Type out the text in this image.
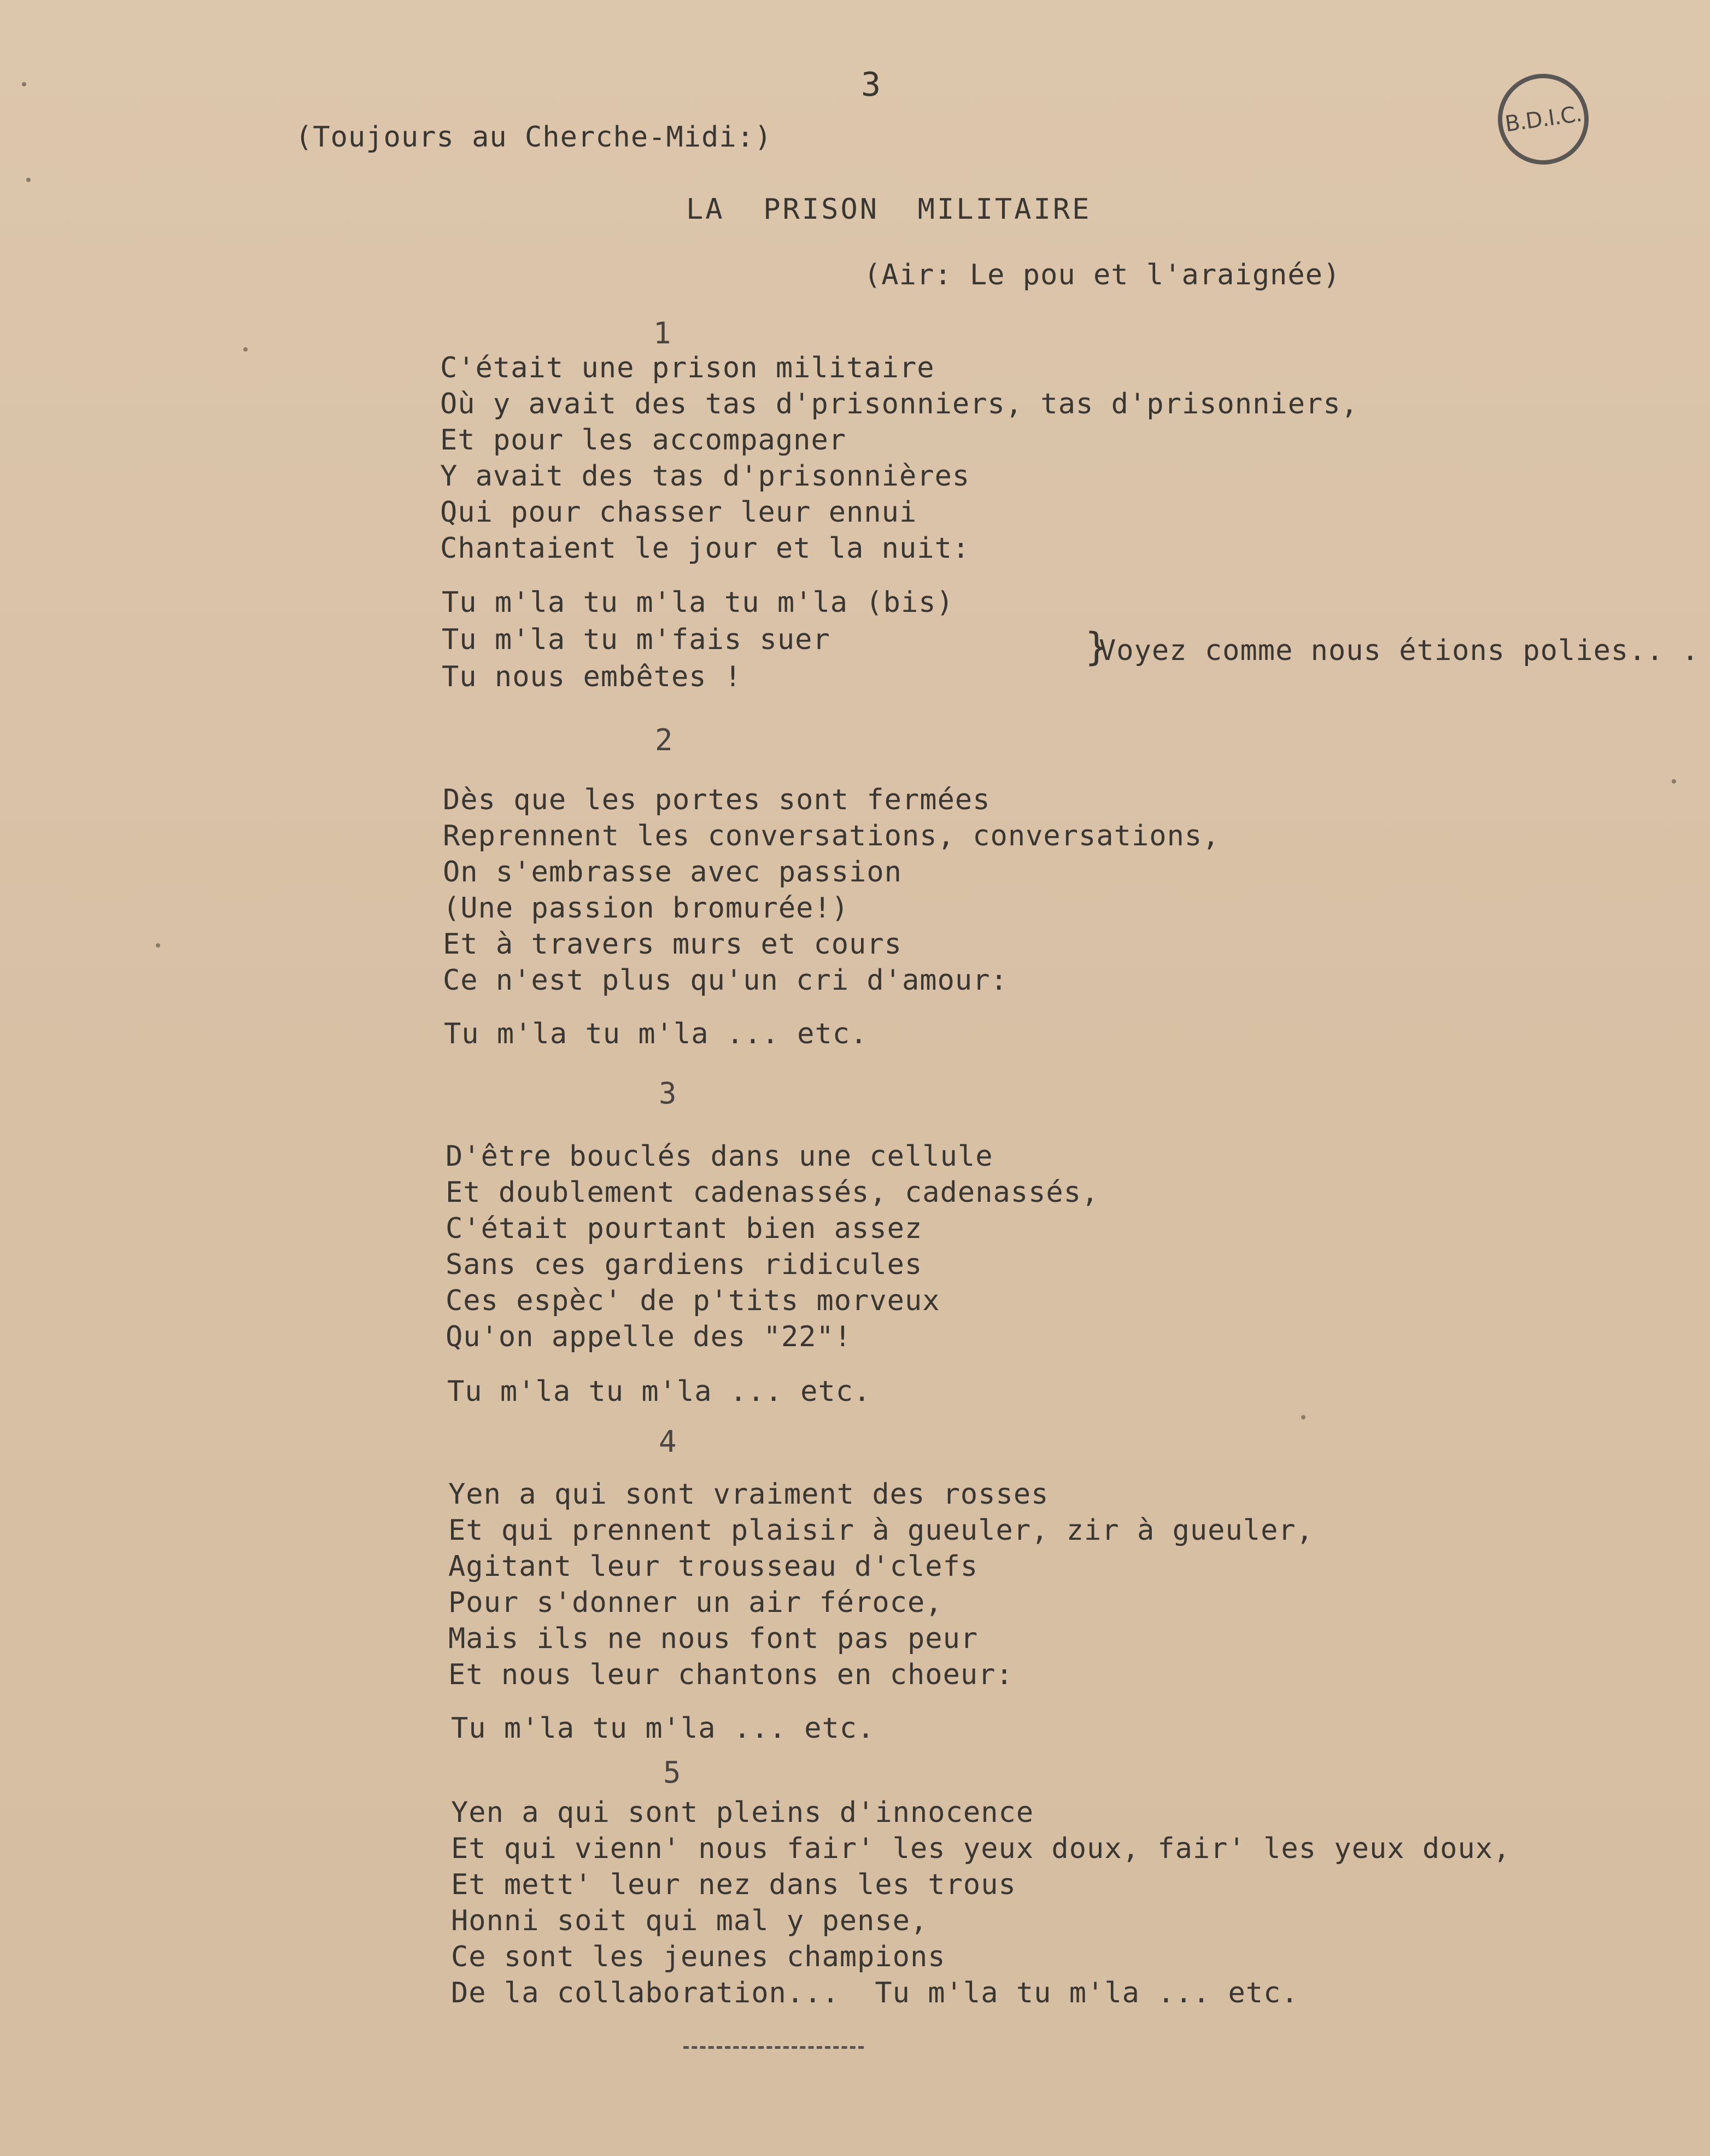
3
B.D.I.C.
(Toujours au Cherche-Midi:)
LA  PRISON  MILITAIRE
(Air: Le pou et l'araignée)
1
C'était une prison militaire
Où y avait des tas d'prisonniers, tas d'prisonniers,
Et pour les accompagner
Y avait des tas d'prisonnières
Qui pour chasser leur ennui
Chantaient le jour et la nuit:
Tu m'la tu m'la tu m'la (bis)
Tu m'la tu m'fais suer
Tu nous embêtes !
}
Voyez comme nous étions polies.. .
2
Dès que les portes sont fermées
Reprennent les conversations, conversations,
On s'embrasse avec passion
(Une passion bromurée!)
Et à travers murs et cours
Ce n'est plus qu'un cri d'amour:
Tu m'la tu m'la ... etc.
3
D'être bouclés dans une cellule
Et doublement cadenassés, cadenassés,
C'était pourtant bien assez
Sans ces gardiens ridicules
Ces espèc' de p'tits morveux
Qu'on appelle des "22"!
Tu m'la tu m'la ... etc.
4
Yen a qui sont vraiment des rosses
Et qui prennent plaisir à gueuler, zir à gueuler,
Agitant leur trousseau d'clefs
Pour s'donner un air féroce,
Mais ils ne nous font pas peur
Et nous leur chantons en choeur:
Tu m'la tu m'la ... etc.
5
Yen a qui sont pleins d'innocence
Et qui vienn' nous fair' les yeux doux, fair' les yeux doux,
Et mett' leur nez dans les trous
Honni soit qui mal y pense,
Ce sont les jeunes champions
De la collaboration...  Tu m'la tu m'la ... etc.
